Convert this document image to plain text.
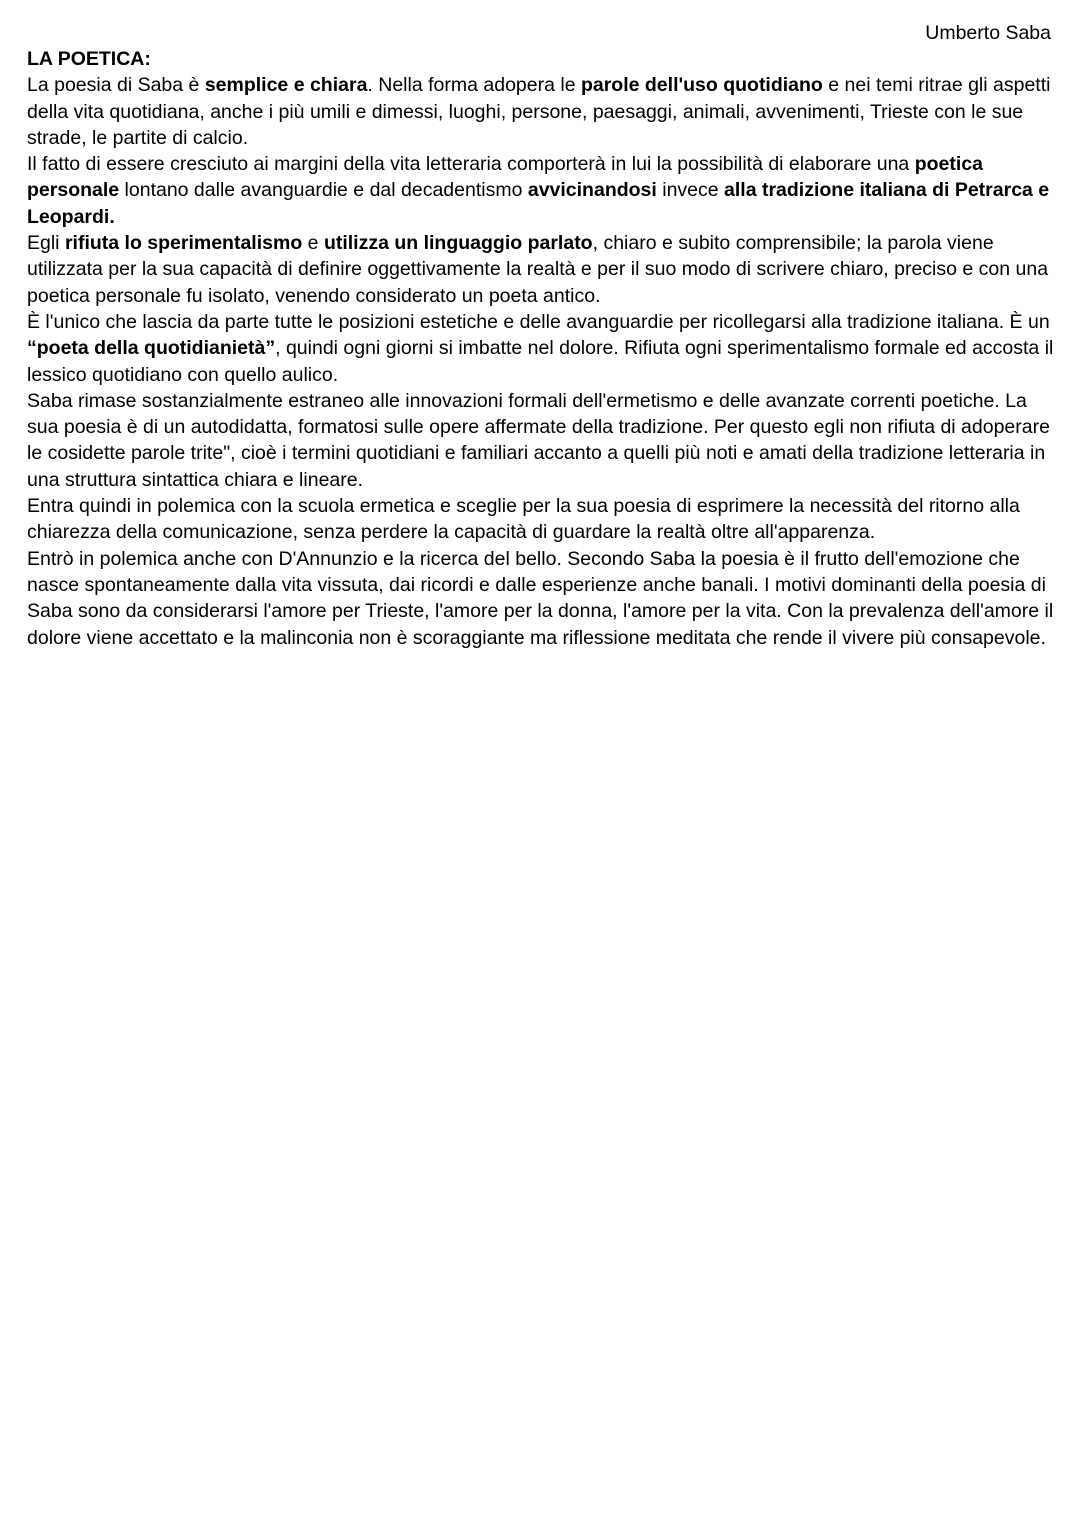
Umberto Saba

LA POETICA:

La poesia di Saba è semplice e chiara. Nella forma adopera le parole dell'uso quotidiano e nei temi ritrae gli aspetti della vita quotidiana, anche i più umili e dimessi, luoghi, persone, paesaggi, animali, avvenimenti, Trieste con le sue strade, le partite di calcio.

Il fatto di essere cresciuto ai margini della vita letteraria comporterà in lui la possibilità di elaborare una poetica personale lontano dalle avanguardie e dal decadentismo avvicinandosi invece alla tradizione italiana di Petrarca e Leopardi.

Egli rifiuta lo sperimentalismo e utilizza un linguaggio parlato, chiaro e subito comprensibile; la parola viene utilizzata per la sua capacità di definire oggettivamente la realtà e per il suo modo di scrivere chiaro, preciso e con una poetica personale fu isolato, venendo considerato un poeta antico.

È l'unico che lascia da parte tutte le posizioni estetiche e delle avanguardie per ricollegarsi alla tradizione italiana. È un “poeta della quotidianietà”, quindi ogni giorni si imbatte nel dolore. Rifiuta ogni sperimentalismo formale ed accosta il lessico quotidiano con quello aulico.

Saba rimase sostanzialmente estraneo alle innovazioni formali dell'ermetismo e delle avanzate correnti poetiche. La sua poesia è di un autodidatta, formatosi sulle opere affermate della tradizione. Per questo egli non rifiuta di adoperare le cosidette parole trite", cioè i termini quotidiani e familiari accanto a quelli più noti e amati della tradizione letteraria in una struttura sintattica chiara e lineare.

Entra quindi in polemica con la scuola ermetica e sceglie per la sua poesia di esprimere la necessità del ritorno alla chiarezza della comunicazione, senza perdere la capacità di guardare la realtà oltre all'apparenza.

Entrò in polemica anche con D'Annunzio e la ricerca del bello. Secondo Saba la poesia è il frutto dell'emozione che nasce spontaneamente dalla vita vissuta, dai ricordi e dalle esperienze anche banali. I motivi dominanti della poesia di Saba sono da considerarsi l'amore per Trieste, l'amore per la donna, l'amore per la vita. Con la prevalenza dell'amore il dolore viene accettato e la malinconia non è scoraggiante ma riflessione meditata che rende il vivere più consapevole.
